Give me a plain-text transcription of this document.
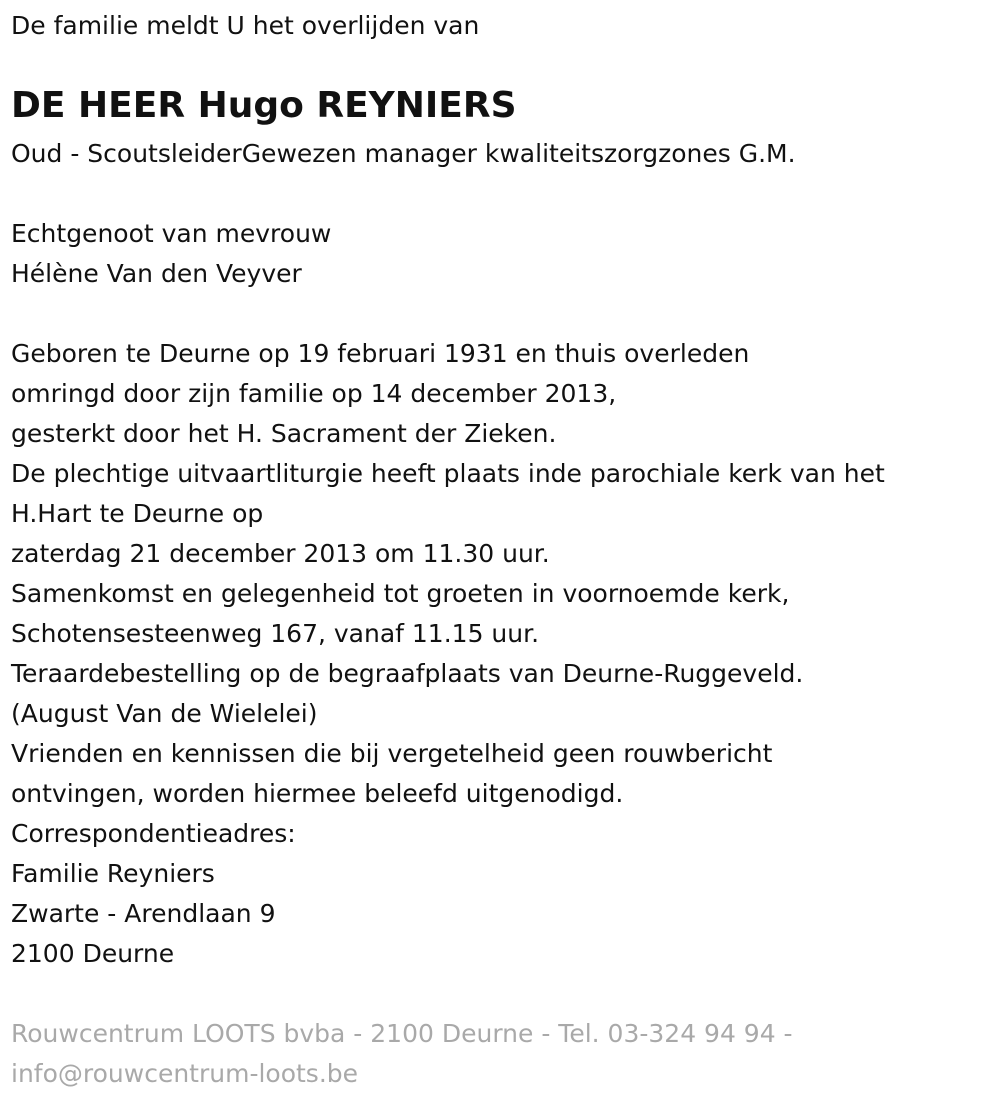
De familie meldt U het overlijden van
DE HEER Hugo REYNIERS
Oud - ScoutsleiderGewezen manager kwaliteitszorgzones G.M.
Echtgenoot van mevrouw
Hélène Van den Veyver
Geboren te Deurne op 19 februari 1931 en thuis overleden
omringd door zijn familie op 14 december 2013,
gesterkt door het H. Sacrament der Zieken.
De plechtige uitvaartliturgie heeft plaats inde parochiale kerk van het
H.Hart te Deurne op
zaterdag 21 december 2013 om 11.30 uur.
Samenkomst en gelegenheid tot groeten in voornoemde kerk,
Schotensesteenweg 167, vanaf 11.15 uur.
Teraardebestelling op de begraafplaats van Deurne-Ruggeveld.
(August Van de Wielelei)
Vrienden en kennissen die bij vergetelheid geen rouwbericht
ontvingen, worden hiermee beleefd uitgenodigd.
Correspondentieadres:
Familie Reyniers
Zwarte - Arendlaan 9
2100 Deurne
Rouwcentrum LOOTS bvba - 2100 Deurne - Tel. 03-324 94 94 -
info@rouwcentrum-loots.be
